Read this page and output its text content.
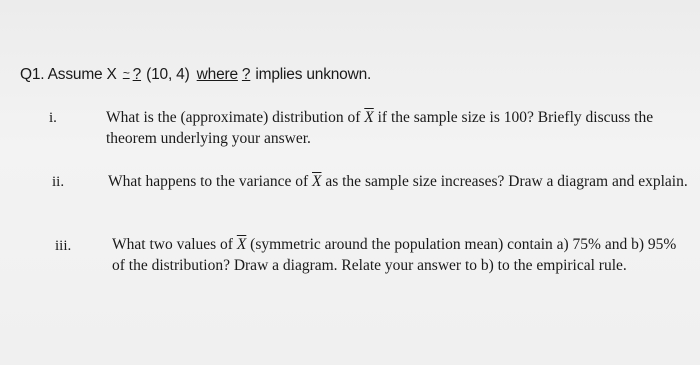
Q1. Assume X ~ ? (10, 4) where ? implies unknown.
i.	What is the (approximate) distribution of $\overline{X}$ if the sample size is 100? Briefly discuss the theorem underlying your answer.
ii.	What happens to the variance of $\overline{X}$ as the sample size increases? Draw a diagram and explain.
iii.	What two values of $\overline{X}$ (symmetric around the population mean) contain a) 75% and b) 95% of the distribution? Draw a diagram. Relate your answer to b) to the empirical rule.
